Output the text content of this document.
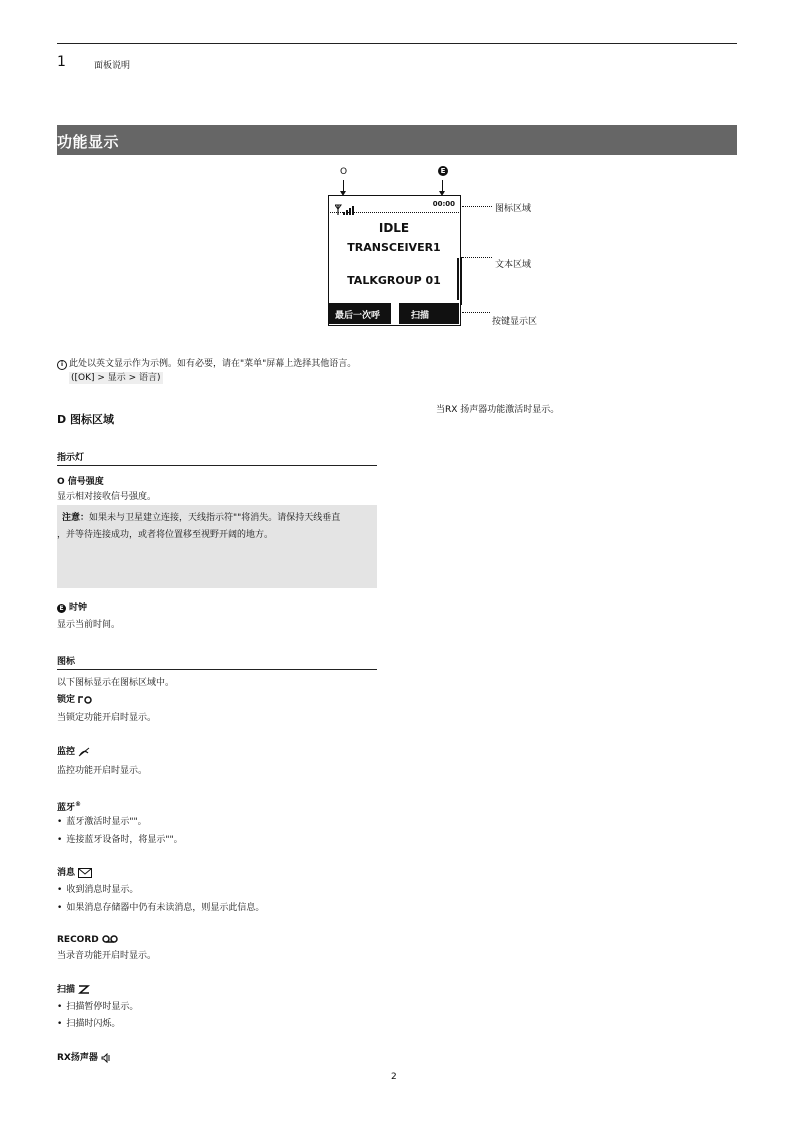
1	面板说明
功能显示
O	E
00:00
IDLE
TRANSCEIVER1
TALKGROUP 01
最后一次呼	扫描
图标区域
文本区域
按键显示区
i 此处以英文显示作为示例。如有必要，请在"菜单"屏幕上选择其他语言。
([OK] > 显示 > 语言)
D 图标区域
指示灯
O 信号强度
显示相对接收信号强度。
注意：如果未与卫星建立连接，天线指示符""将消失。请保持天线垂直
，并等待连接成功，或者将位置移至视野开阔的地方。
E 时钟
显示当前时间。
图标
以下图标显示在图标区域中。
锁定
当锁定功能开启时显示。
监控
监控功能开启时显示。
蓝牙®
• 蓝牙激活时显示""。
• 连接蓝牙设备时，将显示""。
消息
• 收到消息时显示。
• 如果消息存储器中仍有未读消息，则显示此信息。
RECORD
当录音功能开启时显示。
扫描
• 扫描暂停时显示。
• 扫描时闪烁。
RX扬声器
当RX 扬声器功能激活时显示。
2
